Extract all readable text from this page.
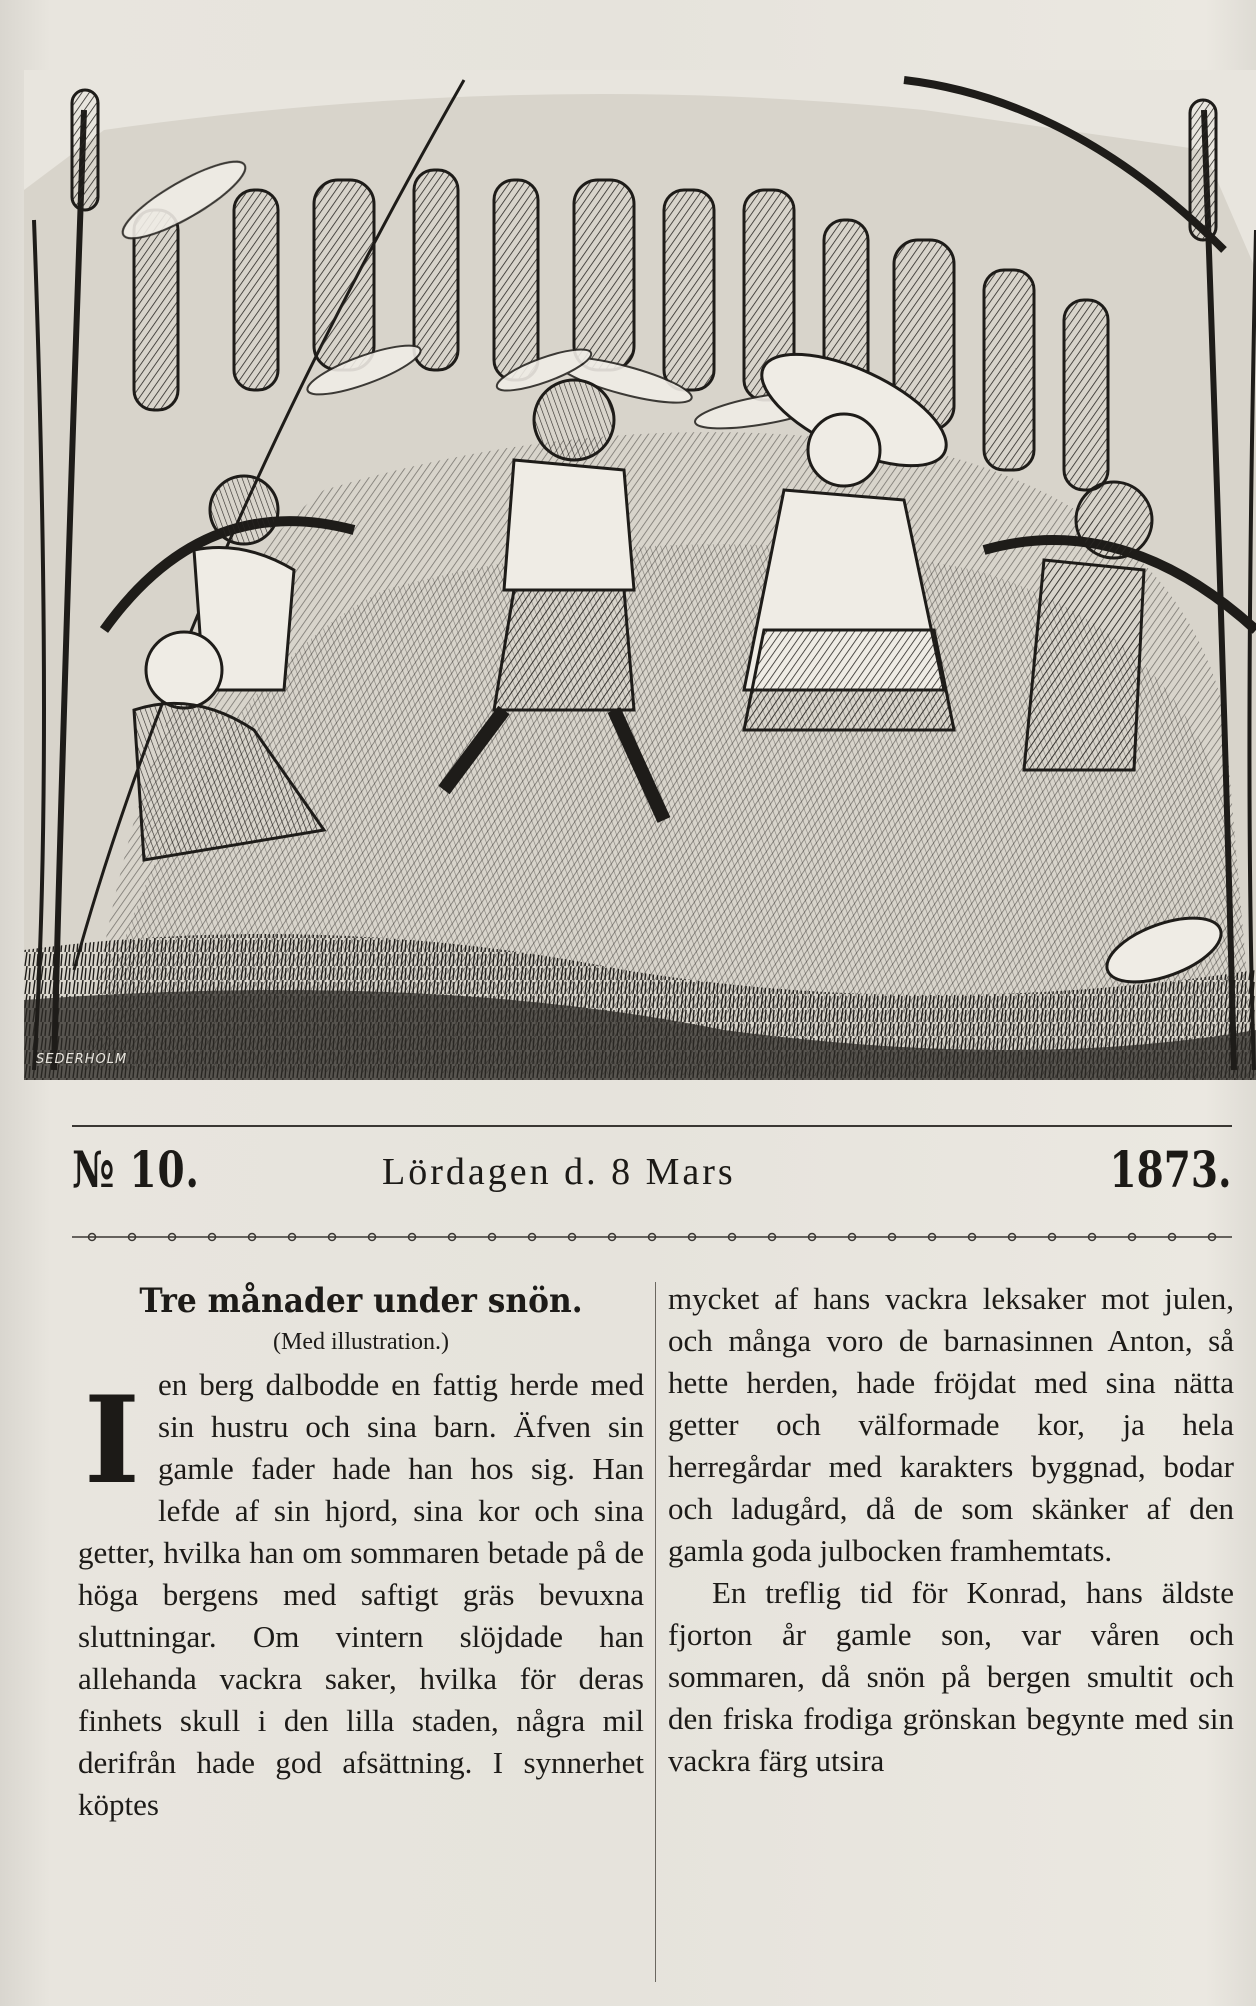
SEDERHOLM
№ 10.	Lördagen d. 8 Mars	1873.
Tre månader under snön.
(Med illustration.)
I en berg dalbodde en fattig herde med sin hustru och sina barn. Äfven sin gamle fader hade han hos sig. Han lefde af sin hjord, sina kor och sina getter, hvilka han om sommaren betade på de höga bergens med saftigt gräs bevuxna sluttningar. Om vintern slöjdade han allehanda vackra saker, hvilka för deras finhets skull i den lilla staden, några mil derifrån hade god afsättning. I synnerhet köptes

mycket af hans vackra leksaker mot julen, och många voro de barnasinnen Anton, så hette herden, hade fröjdat med sina nätta getter och välformade kor, ja hela herregårdar med karakters byggnad, bodar och ladugård, då de som skänker af den gamla goda julbocken framhemtats.

En treflig tid för Konrad, hans äldste fjorton år gamle son, var våren och sommaren, då snön på bergen smultit och den friska frodiga grönskan begynte med sin vackra färg utsira
